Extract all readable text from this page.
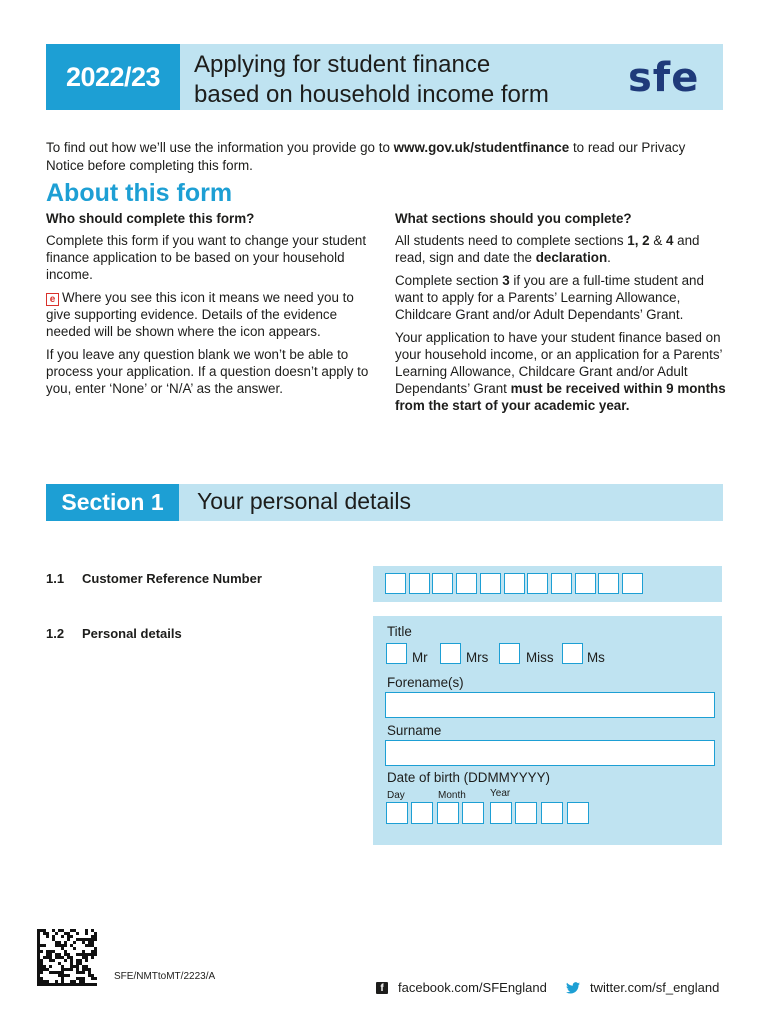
2022/23	Applying for student finance
based on household income form	sfe
To find out how we’ll use the information you provide go to www.gov.uk/studentfinance to read our Privacy Notice before completing this form.
About this form

Who should complete this form?

Complete this form if you want to change your student finance application to be based on your household income.

e Where you see this icon it means we need you to give supporting evidence. Details of the evidence needed will be shown where the icon appears.

If you leave any question blank we won’t be able to process your application. If a question doesn’t apply to you, enter ‘None’ or ‘N/A’ as the answer.

What sections should you complete?

All students need to complete sections 1, 2 & 4 and read, sign and date the declaration.

Complete section 3 if you are a full-time student and want to apply for a Parents’ Learning Allowance, Childcare Grant and/or Adult Dependants’ Grant.

Your application to have your student finance based on your household income, or an application for a Parents’ Learning Allowance, Childcare Grant and/or Adult Dependants’ Grant must be received within 9 months from the start of your academic year.

Section 1	Your personal details
1.1 Customer Reference Number
1.2 Personal details	Title
Mr	Mrs	Miss Ms
Forename(s)
Surname
Date of birth (DDMMYYYY)
Day	Month Year
SFE/NMTtoMT/2223/A
f	facebook.com/SFEngland	twitter.com/sf_england
